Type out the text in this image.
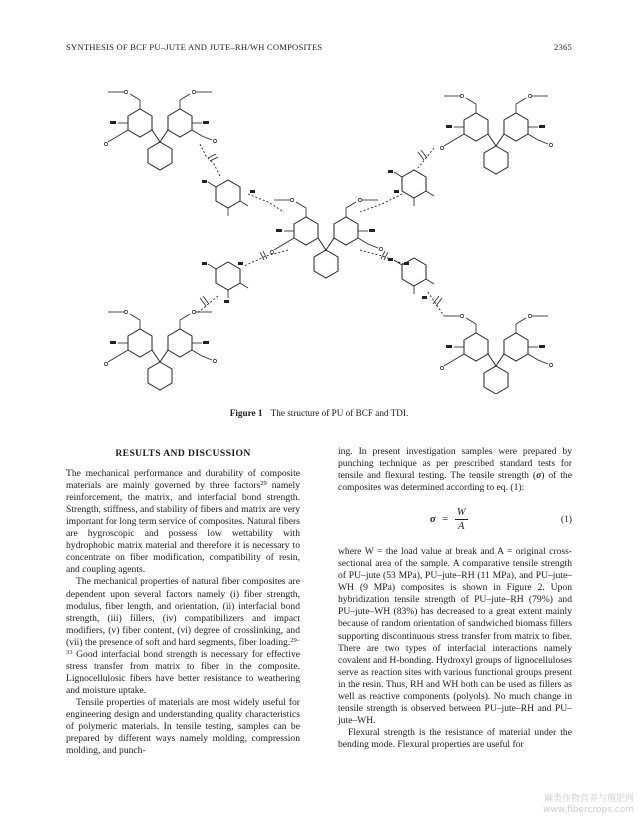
SYNTHESIS OF BCF PU–JUTE AND JUTE–RH/WH COMPOSITES	2365
Figure 1 The structure of PU of BCF and TDI.
RESULTS AND DISCUSSION

The mechanical performance and durability of composite materials are mainly governed by three factors$^{29}$ namely reinforcement, the matrix, and interfacial bond strength. Strength, stiffness, and stability of fibers and matrix are very important for long term service of composites. Natural fibers are hygroscopic and possess low wettability with hydrophobic matrix material and therefore it is necessary to concentrate on fiber modification, compatibility of resin, and coupling agents.

The mechanical properties of natural fiber composites are dependent upon several factors namely (i) fiber strength, modulus, fiber length, and orientation, (ii) interfacial bond strength, (iii) fillers, (iv) compatibilizers and impact modifiers, (v) fiber content, (vi) degree of crosslinking, and (vii) the presence of soft and hard segments, fiber loading.$^{29-33}$ Good interfacial bond strength is necessary for effective stress transfer from matrix to fiber in the composite. Lignocellulosic fibers have better resistance to weathering and moisture uptake.

Tensile properties of materials are most widely useful for engineering design and understanding quality characteristics of polymeric materials. In tensile testing, samples can be prepared by different ways namely molding, compression molding, and punch-

ing. In present investigation samples were prepared by punching technique as per prescribed standard tests for tensile and flexural testing. The tensile strength (σ) of the composites was determined according to eq. (1):

$\sigma = \frac{W}{A}$	(1)

where W = the load value at break and A = original cross-sectional area of the sample. A comparative tensile strength of PU–jute (53 MPa), PU–jute–RH (11 MPa), and PU–jute–WH (9 MPa) composites is shown in Figure 2. Upon hybridization tensile strength of PU–jute–RH (79%) and PU–jute–WH (83%) has decreased to a great extent mainly because of random orientation of sandwiched biomass fillers supporting discontinuous stress transfer from matrix to fiber. There are two types of interfacial interactions namely covalent and H-bonding. Hydroxyl groups of lignocelluloses serve as reaction sites with various functional groups present in the resin. Thus, RH and WH both can be used as fillers as well as reactive components (polyols). No much change in tensile strength is observed between PU–jute–RH and PU–jute–WH.

Flexural strength is the resistance of material under the bending mode. Flexural properties are useful for

麻类作物营养与施肥网
www.fibercrops.com
